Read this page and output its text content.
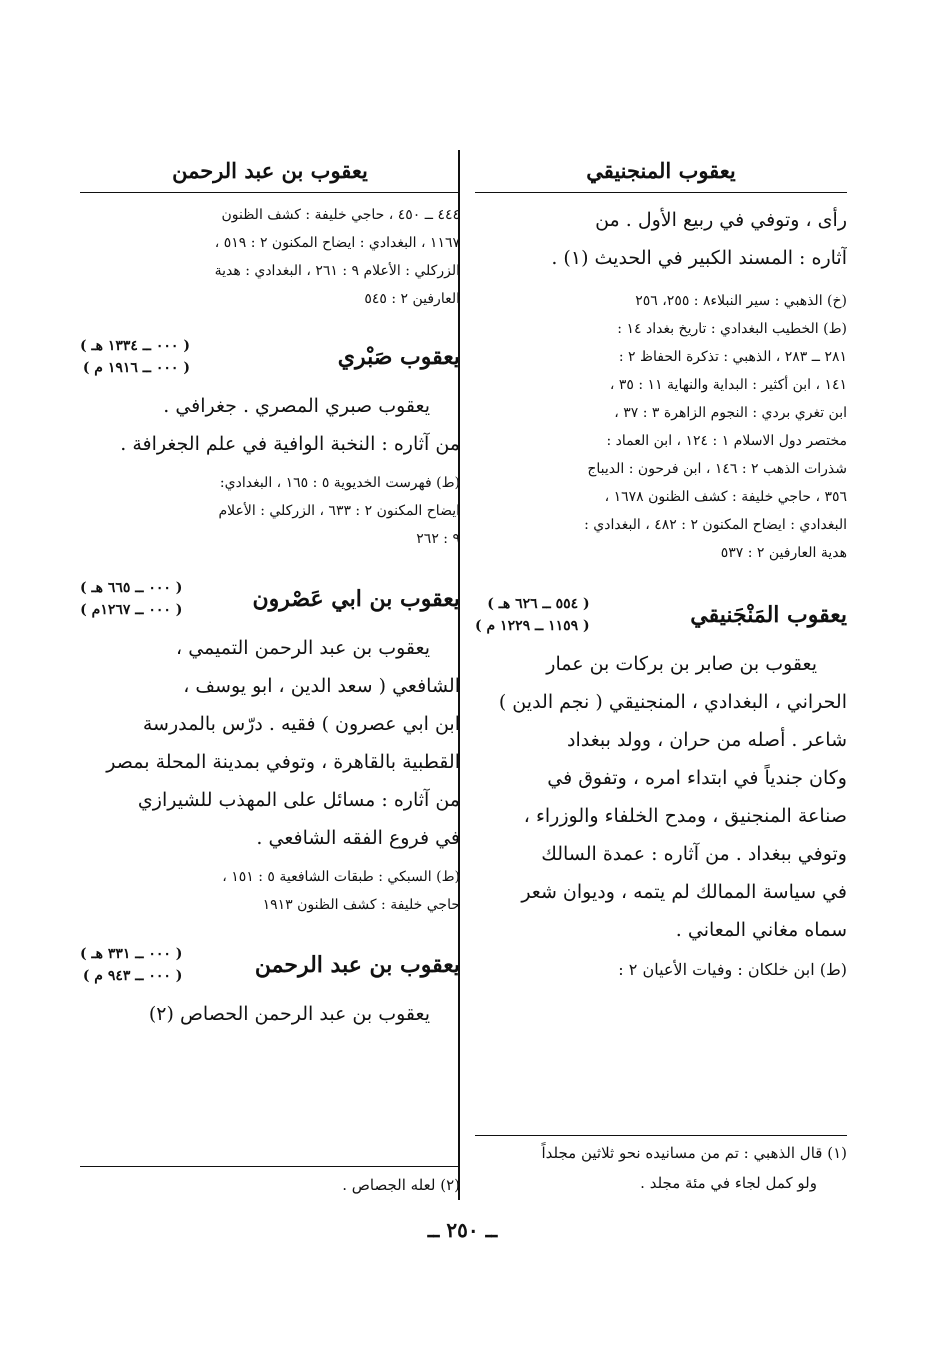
يعقوب المنجنيقي
رأى ، وتوفي في ربيع الأول . من
آثاره : المسند الكبير في الحديث (١) .
(خ) الذهبي : سير النبلاء٨ : ٢٥٥، ٢٥٦
(ط) الخطيب البغدادي : تاريخ بغداد ١٤ :
٢٨١ ــ ٢٨٣ ، الذهبي : تذكرة الحفاظ ٢ :
١٤١ ، ابن أكثير : البداية والنهاية ١١ : ٣٥ ،
ابن تغري بردي : النجوم الزاهرة ٣ : ٣٧ ،
مختصر دول الاسلام ١ : ١٢٤ ، ابن العماد :
شذرات الذهب ٢ : ١٤٦ ، ابن فرحون : الديباج
٣٥٦ ، حاجي خليفة : كشف الظنون ١٦٧٨ ،
البغدادي : ايضاح المكنون ٢ : ٤٨٢ ، البغدادي :
هدية العارفين ٢ : ٥٣٧
يعقوب المَنْجَنيقي
( ٥٥٤ ــ ٦٢٦ هـ )
( ١١٥٩ ــ ١٢٢٩ م )
يعقوب بن صابر بن بركات بن عمار
الحراني ، البغدادي ، المنجنيقي ( نجم الدين )
شاعر . أصله من حران ، وولد ببغداد
وكان جندياً في ابتداء امره ، وتفوق في
صناعة المنجنيق ، ومدح الخلفاء والوزراء ،
وتوفي ببغداد . من آثاره : عمدة السالك
في سياسة الممالك لم يتمه ، وديوان شعر
سماه مغاني المعاني .
(ط) ابن خلكان : وفيات الأعيان ٢ :
يعقوب بن عبد الرحمن
٤٤٤ ــ ٤٥٠ ، حاجي خليفة : كشف الظنون
١١٦٧ ، البغدادي : ايضاح المكنون ٢ : ٥١٩ ،
الزركلي : الأعلام ٩ : ٢٦١ ، البغدادي : هدية
العارفين ٢ : ٥٤٥
يعقوب صَبْري
( ٠٠٠ ــ ١٣٣٤ هـ )
( ٠٠٠ ــ ١٩١٦ م )
يعقوب صبري المصري . جغرافي .
من آثاره : النخبة الوافية في علم الجغرافة .
(ط) فهرست الخديوية ٥ : ١٦٥ ، البغدادي:
ايضاح المكنون ٢ : ٦٣٣ ، الزركلي : الأعلام
٩ : ٢٦٢
يعقوب بن ابي عَصْرون
( ٠٠٠ ــ ٦٦٥ هـ )
( ٠٠٠ ــ ١٢٦٧م )
يعقوب بن عبد الرحمن التميمي ،
الشافعي ( سعد الدين ، ابو يوسف ،
ابن ابي عصرون ) فقيه . درّس بالمدرسة
القطبية بالقاهرة ، وتوفي بمدينة المحلة بمصر
من آثاره : مسائل على المهذب للشيرازي
في فروع الفقه الشافعي .
(ط) السبكي : طبقات الشافعية ٥ : ١٥١ ،
حاجي خليفة : كشف الظنون ١٩١٣
يعقوب بن عبد الرحمن
( ٠٠٠ ــ ٣٣١ هـ )
( ٠٠٠ ــ ٩٤٣ م )
يعقوب بن عبد الرحمن الحصاص (٢)
(١) قال الذهبي : تم من مسانيده نحو ثلاثين مجلداً
ولو كمل لجاء في مئة مجلد .
(٢) لعله الجصاص .
ــ ٢٥٠ ــ
